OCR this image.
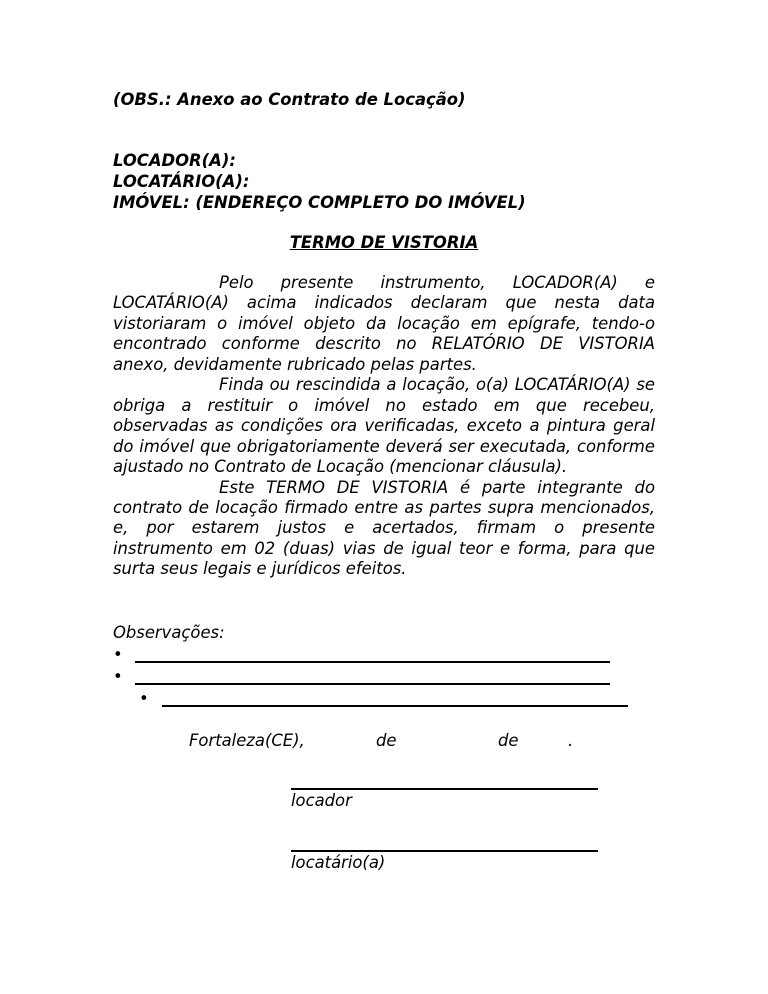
(OBS.: Anexo ao Contrato de Locação)
LOCADOR(A):
LOCATÁRIO(A):
IMÓVEL: (ENDEREÇO COMPLETO DO IMÓVEL)
TERMO DE VISTORIA

Pelo presente instrumento, LOCADOR(A) e LOCATÁRIO(A) acima indicados declaram que nesta data vistoriaram o imóvel objeto da locação em epígrafe, tendo-o encontrado conforme descrito no RELATÓRIO DE VISTORIA anexo, devidamente rubricado pelas partes.

Finda ou rescindida a locação, o(a) LOCATÁRIO(A) se obriga a restituir o imóvel no estado em que recebeu, observadas as condições ora verificadas, exceto a pintura geral do imóvel que obrigatoriamente deverá ser executada, conforme ajustado no Contrato de Locação (mencionar cláusula).

Este TERMO DE VISTORIA é parte integrante do contrato de locação firmado entre as partes supra mencionados, e, por estarem justos e acertados, firmam o presente instrumento em 02 (duas) vias de igual teor e forma, para que surta seus legais e jurídicos efeitos.

Observações:
•
•
•
Fortaleza(CE),	de	de	.
locador
locatário(a)
